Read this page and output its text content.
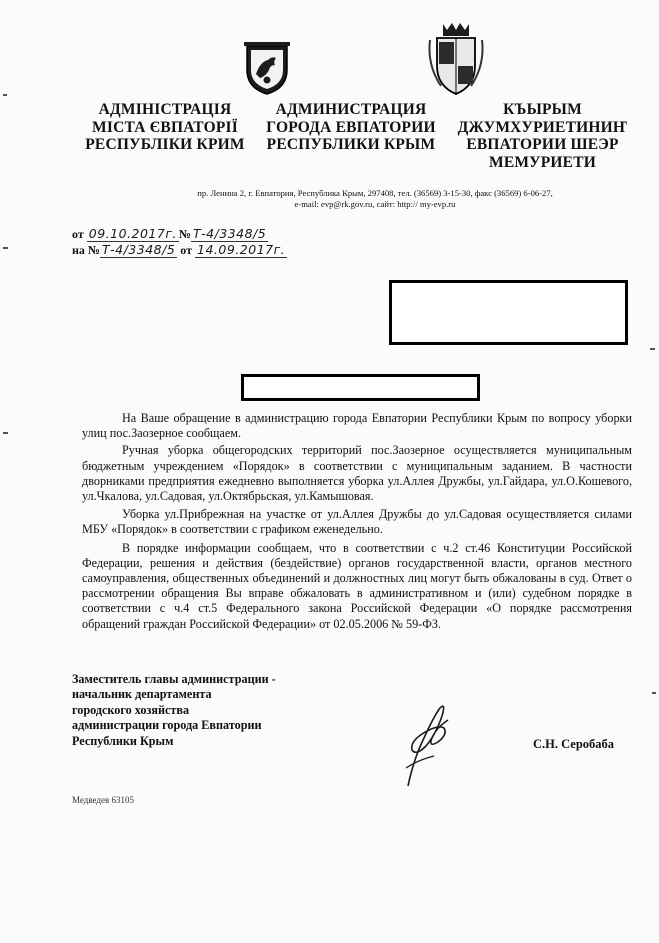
АДМІНІСТРАЦІЯ
МІСТА ЄВПАТОРІЇ
РЕСПУБЛІКИ КРИМ
АДМИНИСТРАЦИЯ
ГОРОДА ЕВПАТОРИИ
РЕСПУБЛИКИ КРЫМ
КЪЫРЫМ
ДЖУМХУРИЕТИНИҤ
ЕВПАТОРИИ ШЕЭР
МЕМУРИЕТИ
пр. Ленина 2, г. Евпатория, Республика Крым, 297408, тел. (36569) 3-15-30, факс (36569) 6-06-27,
e-mail: evp@rk.gov.ru, сайт: http:// my-evp.ru
от 09.10.2017г. № Т-4/3348/5
на № Т-4/3348/5 от 14.09.2017г.

На Ваше обращение в администрацию города Евпатории Республики Крым по вопросу уборки улиц пос.Заозерное сообщаем.

Ручная уборка общегородских территорий пос.Заозерное осуществляется муниципальным бюджетным учреждением «Порядок» в соответствии с муниципальным заданием. В частности дворниками предприятия ежедневно выполняется уборка ул.Аллея Дружбы, ул.Гайдара, ул.О.Кошевого, ул.Чкалова, ул.Садовая, ул.Октябрьская, ул.Камышовая.

Уборка ул.Прибрежная на участке от ул.Аллея Дружбы до ул.Садовая осуществляется силами МБУ «Порядок» в соответствии с графиком еженедельно.

В порядке информации сообщаем, что в соответствии с ч.2 ст.46 Конституции Российской Федерации, решения и действия (бездействие) органов государственной власти, органов местного самоуправления, общественных объединений и должностных лиц могут быть обжалованы в суд. Ответ о рассмотрении обращения Вы вправе обжаловать в административном и (или) судебном порядке в соответствии с ч.4 ст.5 Федерального закона Российской Федерации «О порядке рассмотрения обращений граждан Российской Федерации» от 02.05.2006 № 59-ФЗ.

Заместитель главы администрации -
начальник департамента
городского хозяйства
администрации города Евпатории
Республики Крым	С.Н. Серобаба
Медведев 63105
